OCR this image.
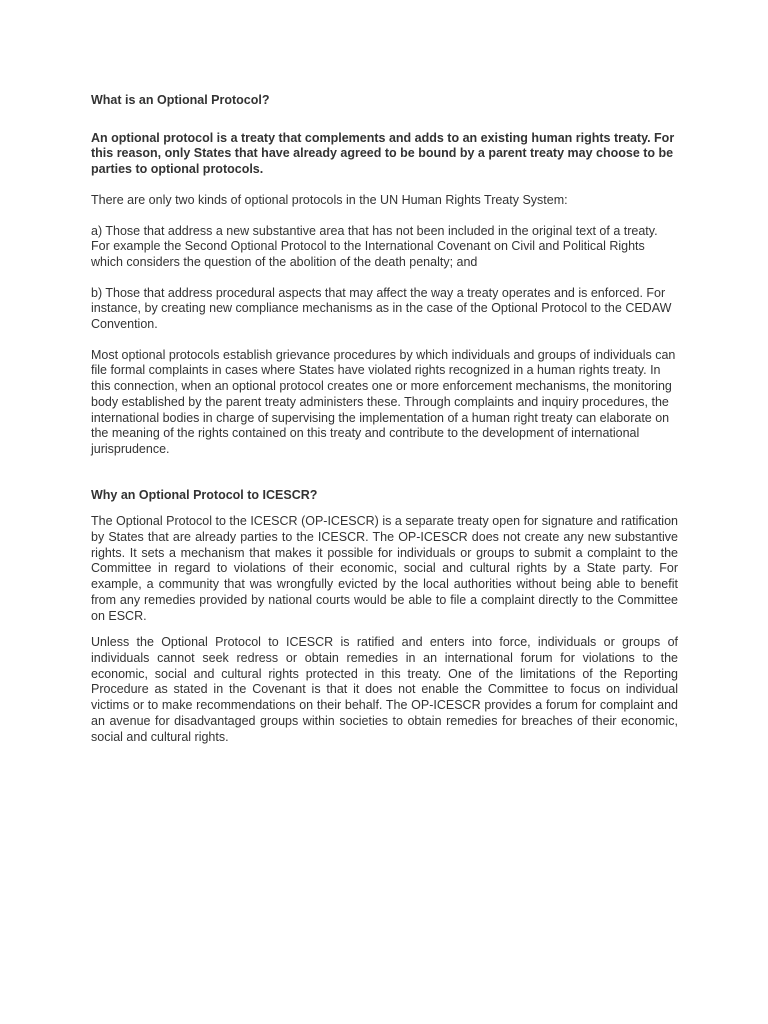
What is an Optional Protocol?

An optional protocol is a treaty that complements and adds to an existing human rights treaty. For this reason, only States that have already agreed to be bound by a parent treaty may choose to be parties to optional protocols.

There are only two kinds of optional protocols in the UN Human Rights Treaty System:

a) Those that address a new substantive area that has not been included in the original text of a treaty. For example the Second Optional Protocol to the International Covenant on Civil and Political Rights which considers the question of the abolition of the death penalty; and

b) Those that address procedural aspects that may affect the way a treaty operates and is enforced. For instance, by creating new compliance mechanisms as in the case of the Optional Protocol to the CEDAW Convention.

Most optional protocols establish grievance procedures by which individuals and groups of individuals can file formal complaints in cases where States have violated rights recognized in a human rights treaty. In this connection, when an optional protocol creates one or more enforcement mechanisms, the monitoring body established by the parent treaty administers these. Through complaints and inquiry procedures, the international bodies in charge of supervising the implementation of a human right treaty can elaborate on the meaning of the rights contained on this treaty and contribute to the development of international jurisprudence.

Why an Optional Protocol to ICESCR?

The Optional Protocol to the ICESCR (OP-ICESCR) is a separate treaty open for signature and ratification by States that are already parties to the ICESCR. The OP-ICESCR does not create any new substantive rights. It sets a mechanism that makes it possible for individuals or groups to submit a complaint to the Committee in regard to violations of their economic, social and cultural rights by a State party. For example, a community that was wrongfully evicted by the local authorities without being able to benefit from any remedies provided by national courts would be able to file a complaint directly to the Committee on ESCR.

Unless the Optional Protocol to ICESCR is ratified and enters into force, individuals or groups of individuals cannot seek redress or obtain remedies in an international forum for violations to the economic, social and cultural rights protected in this treaty. One of the limitations of the Reporting Procedure as stated in the Covenant is that it does not enable the Committee to focus on individual victims or to make recommendations on their behalf. The OP-ICESCR provides a forum for complaint and an avenue for disadvantaged groups within societies to obtain remedies for breaches of their economic, social and cultural rights.
